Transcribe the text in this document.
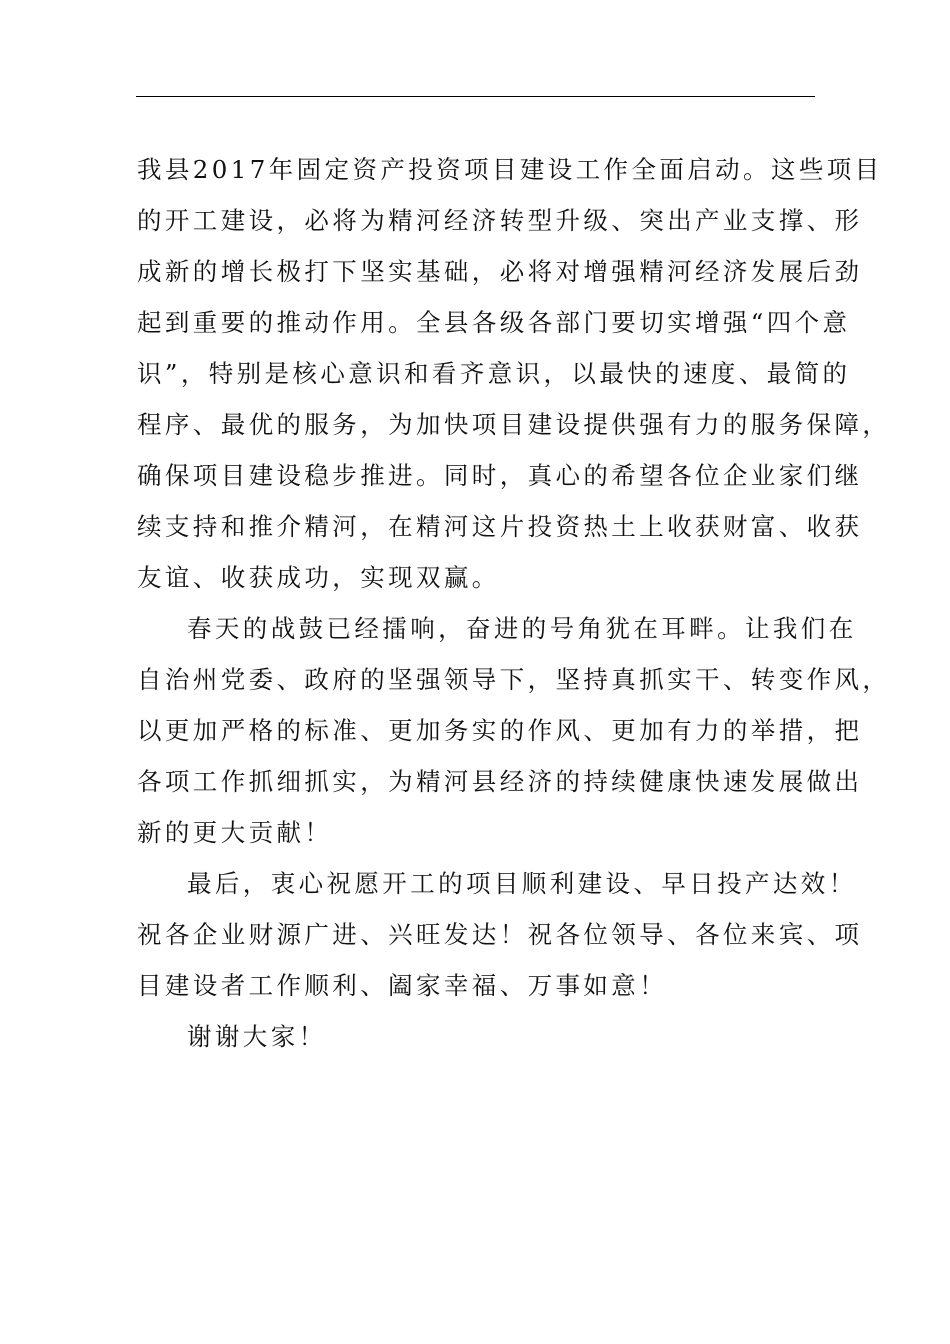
我县2017年固定资产投资项目建设工作全面启动。这些项目
的开工建设，必将为精河经济转型升级、突出产业支撑、形
成新的增长极打下坚实基础，必将对增强精河经济发展后劲
起到重要的推动作用。全县各级各部门要切实增强“四个意
识”，特别是核心意识和看齐意识，以最快的速度、最简的
程序、最优的服务，为加快项目建设提供强有力的服务保障，
确保项目建设稳步推进。同时，真心的希望各位企业家们继
续支持和推介精河，在精河这片投资热土上收获财富、收获
友谊、收获成功，实现双赢。
春天的战鼓已经擂响，奋进的号角犹在耳畔。让我们在
自治州党委、政府的坚强领导下，坚持真抓实干、转变作风，
以更加严格的标准、更加务实的作风、更加有力的举措，把
各项工作抓细抓实，为精河县经济的持续健康快速发展做出
新的更大贡献！
最后，衷心祝愿开工的项目顺利建设、早日投产达效！
祝各企业财源广进、兴旺发达！祝各位领导、各位来宾、项
目建设者工作顺利、阖家幸福、万事如意！
谢谢大家！
